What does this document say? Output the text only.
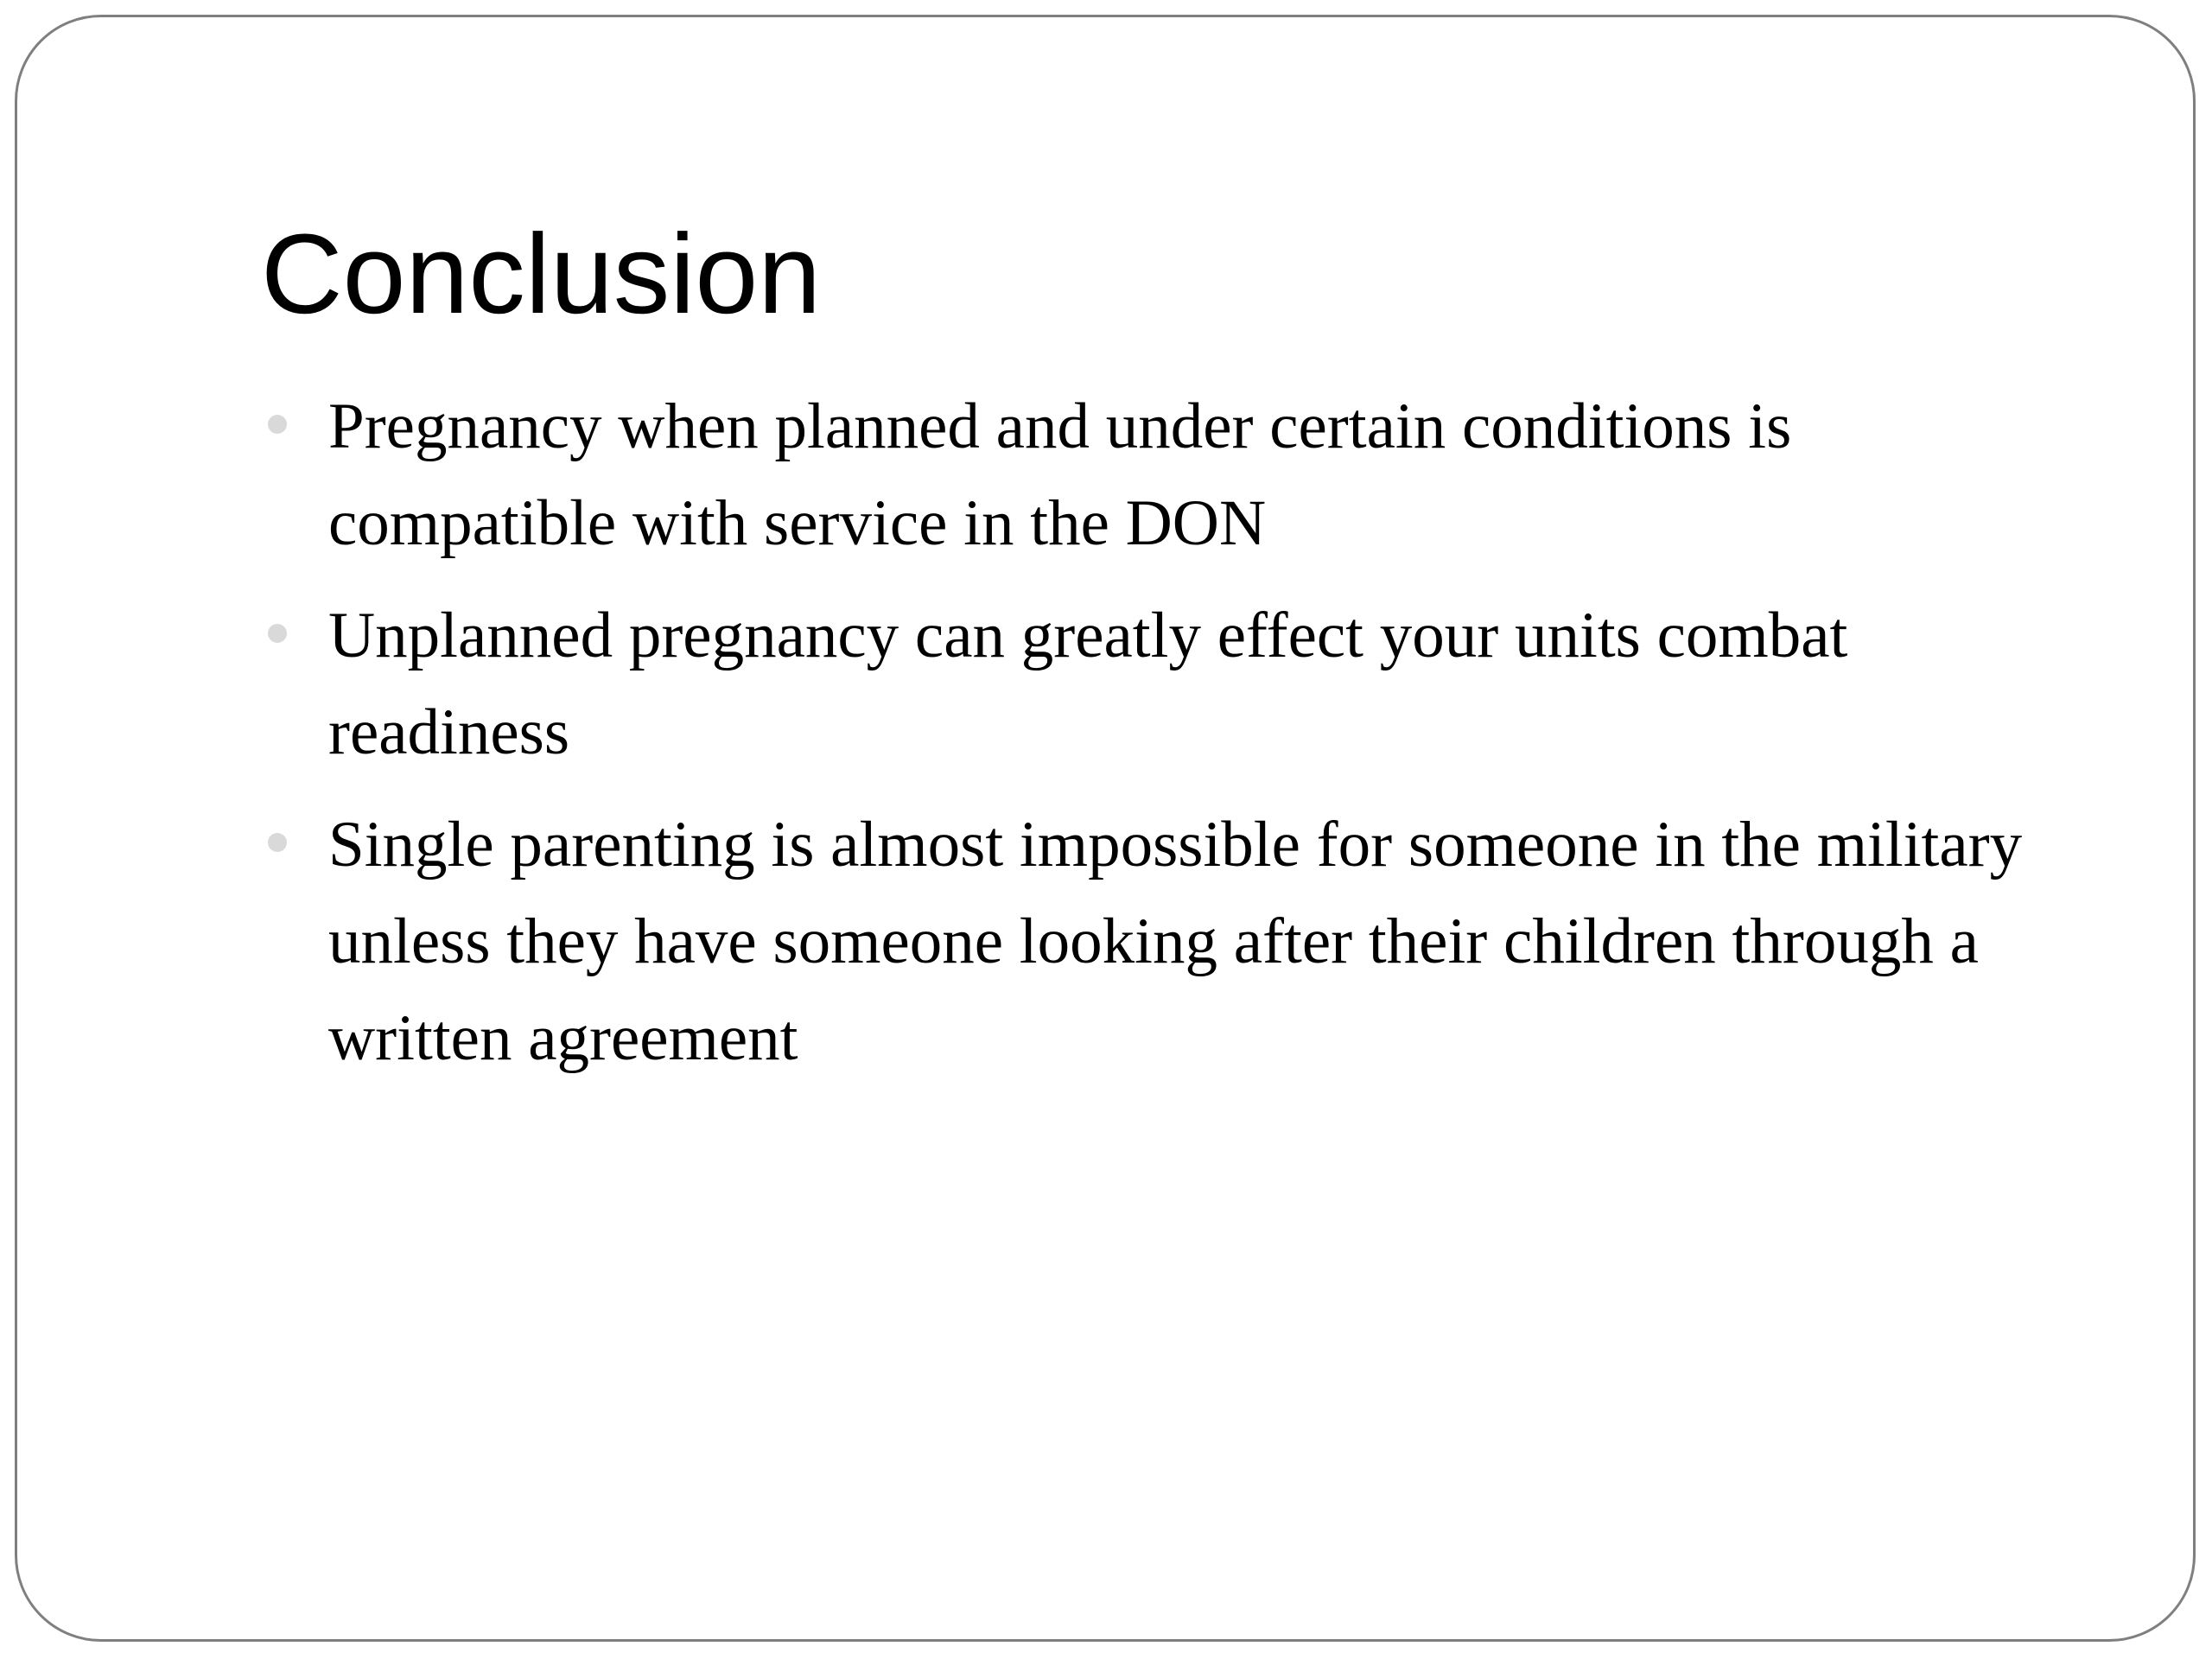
Conclusion
Pregnancy when planned and under certain conditions is compatible with service in the DON
Unplanned pregnancy can greatly effect your units combat readiness
Single parenting is almost impossible for someone in the military unless they have someone looking after their children through a written agreement
